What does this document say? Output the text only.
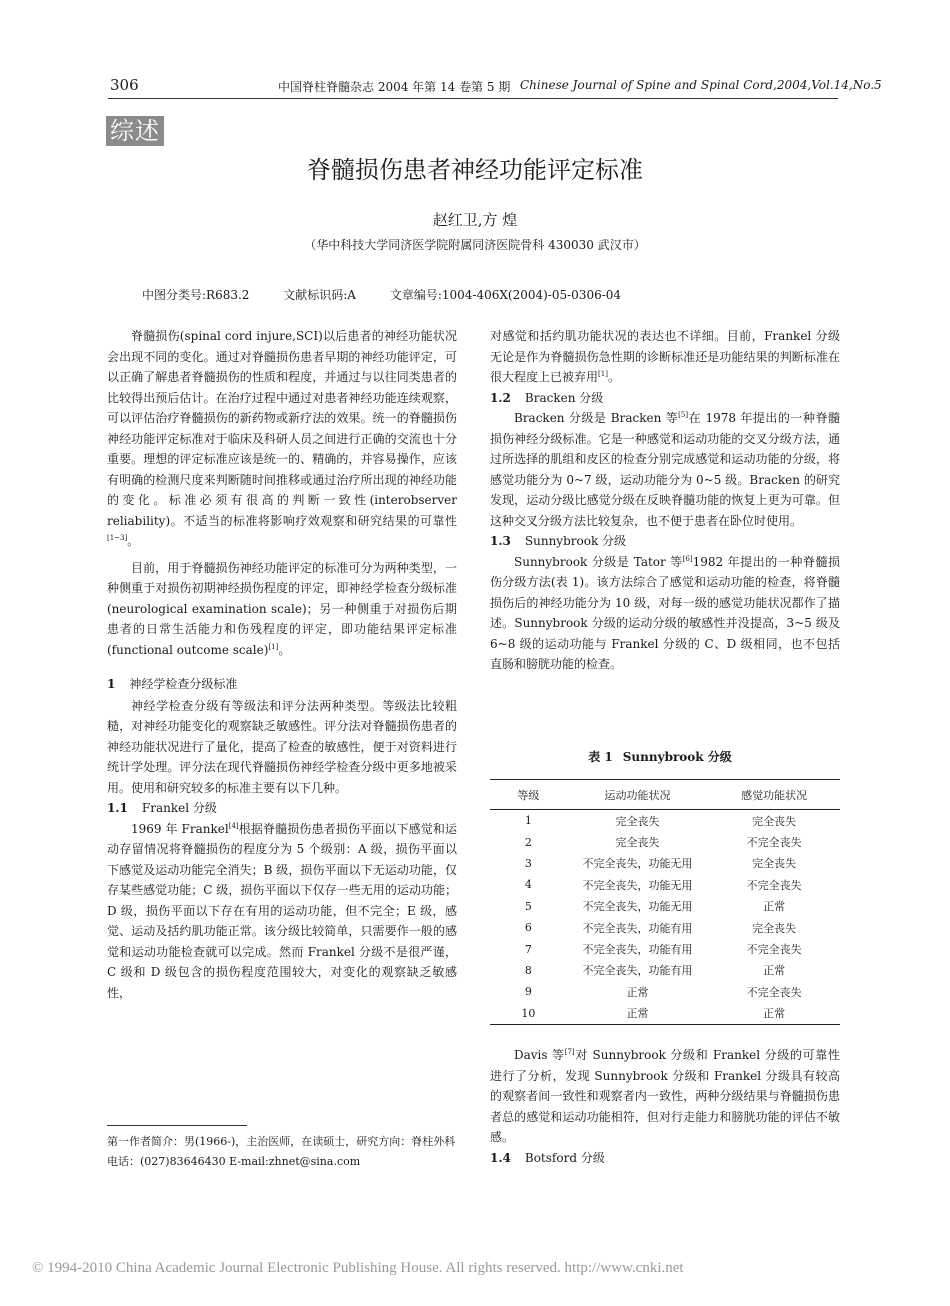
306	中国脊柱脊髓杂志 2004 年第 14 卷第 5 期 Chinese Journal of Spine and Spinal Cord,2004,Vol.14,No.5
综述
脊髓损伤患者神经功能评定标准
赵红卫,方 煌
（华中科技大学同济医学院附属同济医院骨科 430030 武汉市）
中图分类号:R683.2	文献标识码:A	文章编号:1004-406X(2004)-05-0306-04

脊髓损伤(spinal cord injure,SCI)以后患者的神经功能状况会出现不同的变化。通过对脊髓损伤患者早期的神经功能评定，可以正确了解患者脊髓损伤的性质和程度，并通过与以往同类患者的比较得出预后估计。在治疗过程中通过对患者神经功能连续观察，可以评估治疗脊髓损伤的新药物或新疗法的效果。统一的脊髓损伤神经功能评定标准对于临床及科研人员之间进行正确的交流也十分重要。理想的评定标准应该是统一的、精确的，并容易操作，应该有明确的检测尺度来判断随时间推移或通过治疗所出现的神经功能的变化。标准必须有很高的判断一致性(interobserver reliability)。不适当的标准将影响疗效观察和研究结果的可靠性[1~3]。

目前，用于脊髓损伤神经功能评定的标准可分为两种类型，一种侧重于对损伤初期神经损伤程度的评定，即神经学检查分级标准(neurological examination scale)；另一种侧重于对损伤后期患者的日常生活能力和伤残程度的评定，即功能结果评定标准(functional outcome scale)[1]。

1 神经学检查分级标准

神经学检查分级有等级法和评分法两种类型。等级法比较粗糙，对神经功能变化的观察缺乏敏感性。评分法对脊髓损伤患者的神经功能状况进行了量化，提高了检查的敏感性，便于对资料进行统计学处理。评分法在现代脊髓损伤神经学检查分级中更多地被采用。使用和研究较多的标准主要有以下几种。

1.1 Frankel 分级

1969 年 Frankel[4]根据脊髓损伤患者损伤平面以下感觉和运动存留情况将脊髓损伤的程度分为 5 个级别：A 级，损伤平面以下感觉及运动功能完全消失；B 级，损伤平面以下无运动功能，仅存某些感觉功能；C 级，损伤平面以下仅存一些无用的运动功能；D 级，损伤平面以下存在有用的运动功能，但不完全；E 级，感觉、运动及括约肌功能正常。该分级比较简单，只需要作一般的感觉和运动功能检查就可以完成。然而 Frankel 分级不是很严谨，C 级和 D 级包含的损伤程度范围较大，对变化的观察缺乏敏感性，

对感觉和括约肌功能状况的表达也不详细。目前，Frankel 分级无论是作为脊髓损伤急性期的诊断标准还是功能结果的判断标准在很大程度上已被弃用[1]。

1.2 Bracken 分级

Bracken 分级是 Bracken 等[5]在 1978 年提出的一种脊髓损伤神经分级标准。它是一种感觉和运动功能的交叉分级方法，通过所选择的肌组和皮区的检查分别完成感觉和运动功能的分级，将感觉功能分为 0~7 级，运动功能分为 0~5 级。Bracken 的研究发现，运动分级比感觉分级在反映脊髓功能的恢复上更为可靠。但这种交叉分级方法比较复杂，也不便于患者在卧位时使用。

1.3 Sunnybrook 分级

Sunnybrook 分级是 Tator 等[6]1982 年提出的一种脊髓损伤分级方法(表 1)。该方法综合了感觉和运动功能的检查，将脊髓损伤后的神经功能分为 10 级，对每一级的感觉功能状况都作了描述。Sunnybrook 分级的运动分级的敏感性并没提高，3~5 级及 6~8 级的运动功能与 Frankel 分级的 C、D 级相同，也不包括直肠和膀胱功能的检查。

表 1 Sunnybrook 分级
等级	运动功能状况	感觉功能状况
1	完全丧失	完全丧失
2	完全丧失	不完全丧失
3	不完全丧失，功能无用	完全丧失
4	不完全丧失，功能无用	不完全丧失
5	不完全丧失，功能无用	正常
6	不完全丧失，功能有用	完全丧失
7	不完全丧失，功能有用	不完全丧失
8	不完全丧失，功能有用	正常
9	正常	不完全丧失
10	正常	正常

Davis 等[7]对 Sunnybrook 分级和 Frankel 分级的可靠性进行了分析，发现 Sunnybrook 分级和 Frankel 分级具有较高的观察者间一致性和观察者内一致性，两种分级结果与脊髓损伤患者总的感觉和运动功能相符，但对行走能力和膀胱功能的评估不敏感。

1.4 Botsford 分级

第一作者简介：男(1966-)，主治医师，在读硕士，研究方向：脊柱外科

电话：(027)83646430 E-mail:zhnet@sina.com

© 1994-2010 China Academic Journal Electronic Publishing House. All rights reserved. http://www.cnki.net
